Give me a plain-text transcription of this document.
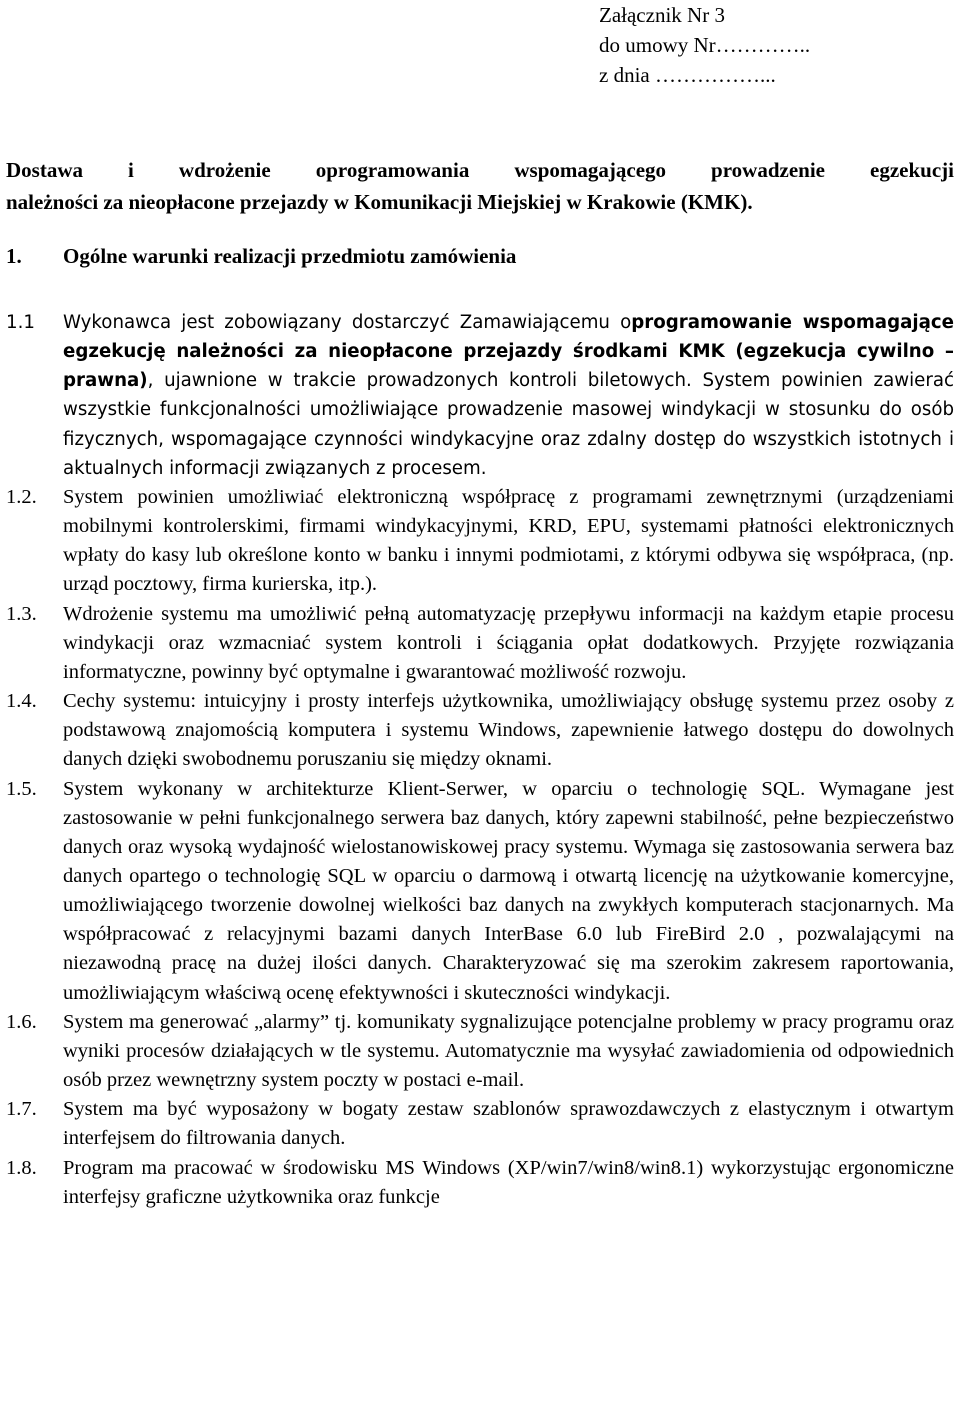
Załącznik Nr 3
do umowy Nr…………..
z dnia ……………...
Dostawa i wdrożenie oprogramowania wspomagającego prowadzenie egzekucji
należności za nieopłacone przejazdy w Komunikacji Miejskiej w Krakowie (KMK).
1. Ogólne warunki realizacji przedmiotu zamówienia
1.1 Wykonawca jest zobowiązany dostarczyć Zamawiającemu oprogramowanie wspomagające egzekucję należności za nieopłacone przejazdy środkami KMK (egzekucja cywilno – prawna), ujawnione w trakcie prowadzonych kontroli biletowych. System powinien zawierać wszystkie funkcjonalności umożliwiające prowadzenie masowej windykacji w stosunku do osób fizycznych, wspomagające czynności windykacyjne oraz zdalny dostęp do wszystkich istotnych i aktualnych informacji związanych z procesem.
1.2. System powinien umożliwiać elektroniczną współpracę z programami zewnętrznymi (urządzeniami mobilnymi kontrolerskimi, firmami windykacyjnymi, KRD, EPU, systemami płatności elektronicznych wpłaty do kasy lub określone konto w banku i innymi podmiotami, z którymi odbywa się współpraca, (np. urząd pocztowy, firma kurierska, itp.).
1.3. Wdrożenie systemu ma umożliwić pełną automatyzację przepływu informacji na każdym etapie procesu windykacji oraz wzmacniać system kontroli i ściągania opłat dodatkowych. Przyjęte rozwiązania informatyczne, powinny być optymalne i gwarantować możliwość rozwoju.
1.4. Cechy systemu: intuicyjny i prosty interfejs użytkownika, umożliwiający obsługę systemu przez osoby z podstawową znajomością komputera i systemu Windows, zapewnienie łatwego dostępu do dowolnych danych dzięki swobodnemu poruszaniu się między oknami.
1.5. System wykonany w architekturze Klient-Serwer, w oparciu o technologię SQL. Wymagane jest zastosowanie w pełni funkcjonalnego serwera baz danych, który zapewni stabilność, pełne bezpieczeństwo danych oraz wysoką wydajność wielostanowiskowej pracy systemu. Wymaga się zastosowania serwera baz danych opartego o technologię SQL w oparciu o darmową i otwartą licencję na użytkowanie komercyjne, umożliwiającego tworzenie dowolnej wielkości baz danych na zwykłych komputerach stacjonarnych. Ma współpracować z relacyjnymi bazami danych InterBase 6.0 lub FireBird 2.0 , pozwalającymi na niezawodną pracę na dużej ilości danych. Charakteryzować się ma szerokim zakresem raportowania, umożliwiającym właściwą ocenę efektywności i skuteczności windykacji.
1.6. System ma generować „alarmy” tj. komunikaty sygnalizujące potencjalne problemy w pracy programu oraz wyniki procesów działających w tle systemu. Automatycznie ma wysyłać zawiadomienia od odpowiednich osób przez wewnętrzny system poczty w postaci e-mail.
1.7. System ma być wyposażony w bogaty zestaw szablonów sprawozdawczych z elastycznym i otwartym interfejsem do filtrowania danych.
1.8. Program ma pracować w środowisku MS Windows (XP/win7/win8/win8.1) wykorzystując ergonomiczne interfejsy graficzne użytkownika oraz funkcje
